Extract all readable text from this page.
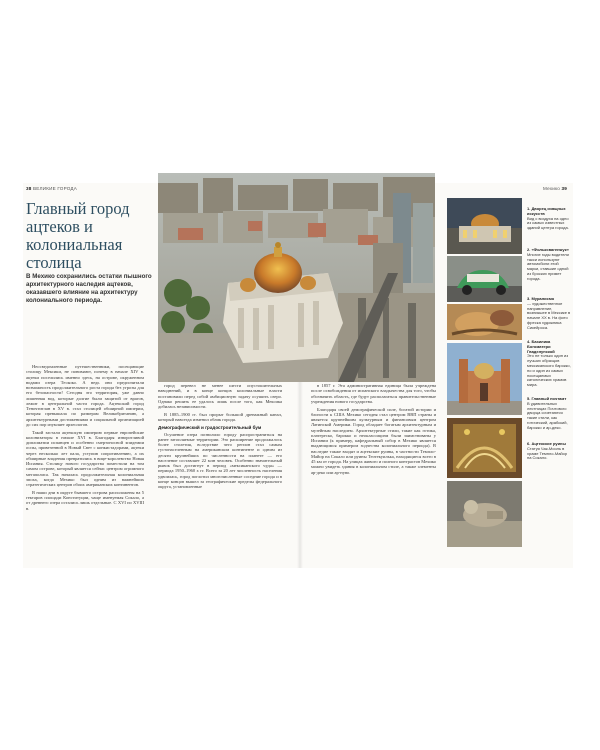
38 ВЕЛИКИЕ ГОРОДА	Мехико 39
Главный город ацтеков и колониальная столица

В Мехико сохранились остатки пышного архитектурного наследия ацтеков, оказавшего влияние на архитектуру колониального периода.

Неосведомленные путешественники, посещающие столицу Мексики, не понимают, почему в начале XIV в. ацтеки поселились именно здесь, на острове, окруженном водами озера Тескоко. А ведь они предпочитали возможность продолжительного роста города без угрозы для его безопасности! Сегодня это территория, уже давно лишенная вод, которые долгие были защитой от врагов, лежит в центральной части города. Ацтекский город Теночтитлан в XV в. стал столицей обширной империи, которая превышала по размерам Великобританию, а архитектурными достижениями и социальной организацией до сих пор изумляет археологов.

Такой застали ацтекскую империю первые европейские колонизаторы в начале XVI в. Благодаря изворотливой дипломатии испанцев и особенно смертоносной эпидемии оспы, привезенной в Новый Свет с конкистадорами, ацтеки через несколько лет пала, уступив сопротивлению, а их обширные владения превратились в вице-королевство Новая Испания. Столицу нового государства поместили на том самом острове, который является сейчас центром огромного мегаполиса. Так началась продолжительная колониальная эпоха, когда Мехико был одним из важнейших стратегических центров обоих американских континентов.

В наши дни в округе бывшего острова расположены на 5 гектаров площади Конституции, чаще именуемая Сокало, а от древнего озера остались лишь отдельные. С XVI по XVIII в.

город перевел не менее шести опустошительных наводнений, и в конце концов колониальные власти постановили перед собой амбициозную задачу осушить озеро. Однако решить ее удалось лишь после того, как Мексика добилась независимости.

В 1885–1900 гг. был прорыт большой дренажный канал, который навсегда изменил облик города.

Демографический и градостроительный бум

Осушение озера позволило городу распространиться на ранее затопляемые территории. Это расширение продолжалось более столетия, вследствие чего регион стал самым густонаселенным на американском континенте и одним из десяти крупнейших по численности на планете — его население составляет 22 млн человек. Особенно значительный рывок был достигнут в период «мексиканского чуда» — периода 1950–1960 х гг. Всего за 20 лет численность населения удвоилась, город поглотил многочисленные соседние города и в конце концов вышел за географические пределы федерального округа, установленные

в 1857 г. Эта административная единица была учреждена после освобождения от испанского владычества для того, чтобы обозначить область, где будут располагаться правительственные учреждения нового государства.

Благодаря своей демографической силе, богатой истории и близости к США Мехико сегодня стал центром ВВП страны и является крупнейшим культурным и финансовым центром Латинской Америки. Город обладает богатым архитектурным и музейным наследием. Архитектурные стили, такие как готика, платереско, барокко и неоклассицизм были заимствованы у Испании (к примеру, кафедральный собор в Мехико является выдающимся примером зодчества колониального периода). В наследие также входят и ацтекские руины, в частности Темпло-Майор на Сокало или руины Теотекуилька, находящиеся всего в 45 км от города. На улицах живого и полного контрастов Мехико можно увидеть здания в колониальном стиле, а также элементы ар-деко или ар-нуво.

1. Дворец изящных искусств
Вид с воздуха на одно из самых известных зданий центра города.

2. «Фольксвагенжук»
Многие годы водители такси используют автомобили этой марки, ставшие одной из броских примет города.

3. Муралисмо
— художественное направление, возникшее в Мексике в начале XX в. На фото фреска художника Сикейроса.

4. Базилика Богоматери Гваделупской
Это не только один из лучших образцов мексиканского барокко, но и один из самых посещаемых католических храмов мира.

5. Главный почтамт
В удивительных лестницах Почтового дворца сочетаются такие стили, как готический, арабский, барокко и ар-деко.

6. Ацтекские руины
Статуя Чак-Мооль в храме Темпло-Майор на Сокало.
